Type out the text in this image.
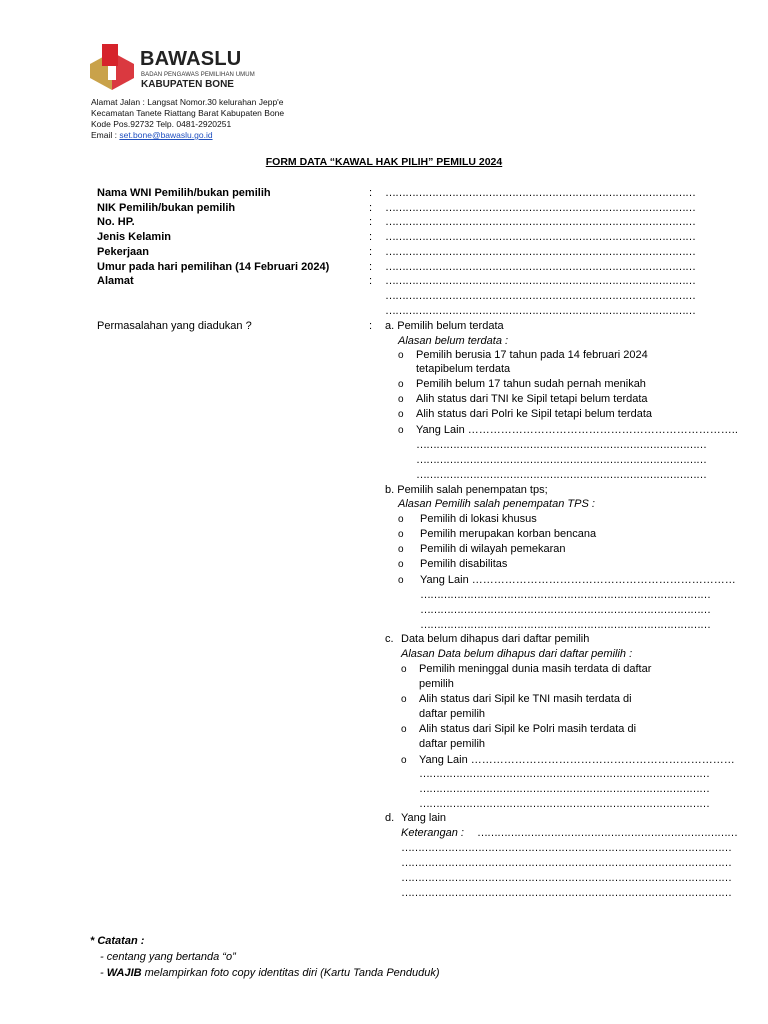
BAWASLU
BADAN PENGAWAS PEMILIHAN UMUM
KABUPATEN BONE
Alamat Jalan : Langsat Nomor.30 kelurahan Jepp'e
Kecamatan Tanete Riattang Barat Kabupaten Bone
Kode Pos.92732 Telp. 0481-2920251
Email : set.bone@bawaslu.go.id
FORM DATA “KAWAL HAK PILIH” PEMILU 2024
Nama WNI Pemilih/bukan pemilih	: …………………………………………………………………………………
NIK Pemilih/bukan pemilih	: …………………………………………………………………………………
No. HP.	: …………………………………………………………………………………
Jenis Kelamin	: …………………………………………………………………………………
Pekerjaan	: …………………………………………………………………………………
Umur pada hari pemilihan (14 Februari 2024)	: …………………………………………………………………………………
Alamat	: …………………………………………………………………………………
…………………………………………………………………………………
…………………………………………………………………………………
Permasalahan yang diadukan ?	: a. Pemilih belum terdata
Alasan belum terdata :
o Pemilih berusia 17 tahun pada 14 februari 2024
tetapibelum terdata
o Pemilih belum 17 tahun sudah pernah menikah
o Alih status dari TNI ke Sipil tetapi belum terdata
o Alih status dari Polri ke Sipil tetapi belum terdata
o Yang Lain ………………………………………………………………..
……………………………………………………………………………
……………………………………………………………………………
……………………………………………………………………………
b. Pemilih salah penempatan tps;
Alasan Pemilih salah penempatan TPS :
o Pemilih di lokasi khusus
o Pemilih merupakan korban bencana
o Pemilih di wilayah pemekaran
o Pemilih disabilitas
o Yang Lain ………………………………………………………………
……………………………………………………………………………
……………………………………………………………………………
……………………………………………………………………………
c. Data belum dihapus dari daftar pemilih
Alasan Data belum dihapus dari daftar pemilih :
o Pemilih meninggal dunia masih terdata di daftar
pemilih
o Alih status dari Sipil ke TNI masih terdata di
daftar pemilih
o Alih status dari Sipil ke Polri masih terdata di
daftar pemilih
o Yang Lain ………………………………………………………………
……………………………………………………………………………
……………………………………………………………………………
……………………………………………………………………………
d. Yang lain
Keterangan : ……………………………………………………………………
………………………………………………………………………………………
………………………………………………………………………………………
………………………………………………………………………………………
………………………………………………………………………………………
* Catatan :
- centang yang bertanda “o”
- WAJIB melampirkan foto copy identitas diri (Kartu Tanda Penduduk)
